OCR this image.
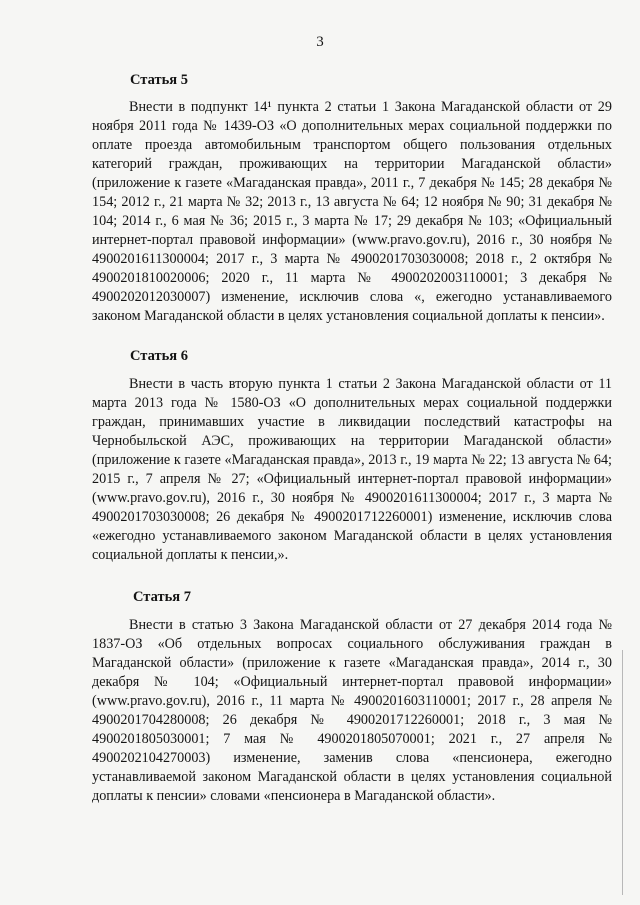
3
Статья 5
Внести в подпункт 14¹ пункта 2 статьи 1 Закона Магаданской области от 29 ноября 2011 года № 1439-ОЗ «О дополнительных мерах социальной поддержки по оплате проезда автомобильным транспортом общего пользования отдельных категорий граждан, проживающих на территории Магаданской области» (приложение к газете «Магаданская правда», 2011 г., 7 декабря № 145; 28 декабря № 154; 2012 г., 21 марта № 32; 2013 г., 13 августа № 64; 12 ноября № 90; 31 декабря № 104; 2014 г., 6 мая № 36; 2015 г., 3 марта № 17; 29 декабря № 103; «Официальный интернет-портал правовой информации» (www.pravo.gov.ru), 2016 г., 30 ноября № 4900201611300004; 2017 г., 3 марта № 4900201703030008; 2018 г., 2 октября № 4900201810020006; 2020 г., 11 марта № 4900202003110001; 3 декабря № 4900202012030007) изменение, исключив слова «, ежегодно устанавливаемого законом Магаданской области в целях установления социальной доплаты к пенсии».
Статья 6
Внести в часть вторую пункта 1 статьи 2 Закона Магаданской области от 11 марта 2013 года № 1580-ОЗ «О дополнительных мерах социальной поддержки граждан, принимавших участие в ликвидации последствий катастрофы на Чернобыльской АЭС, проживающих на территории Магаданской области» (приложение к газете «Магаданская правда», 2013 г., 19 марта № 22; 13 августа № 64; 2015 г., 7 апреля № 27; «Официальный интернет-портал правовой информации» (www.pravo.gov.ru), 2016 г., 30 ноября № 4900201611300004; 2017 г., 3 марта № 4900201703030008; 26 декабря № 4900201712260001) изменение, исключив слова «ежегодно устанавливаемого законом Магаданской области в целях установления социальной доплаты к пенсии,».
Статья 7
Внести в статью 3 Закона Магаданской области от 27 декабря 2014 года № 1837-ОЗ «Об отдельных вопросах социального обслуживания граждан в Магаданской области» (приложение к газете «Магаданская правда», 2014 г., 30 декабря № 104; «Официальный интернет-портал правовой информации» (www.pravo.gov.ru), 2016 г., 11 марта № 4900201603110001; 2017 г., 28 апреля № 4900201704280008; 26 декабря № 4900201712260001; 2018 г., 3 мая № 4900201805030001; 7 мая № 4900201805070001; 2021 г., 27 апреля № 4900202104270003) изменение, заменив слова «пенсионера, ежегодно устанавливаемой законом Магаданской области в целях установления социальной доплаты к пенсии» словами «пенсионера в Магаданской области».
